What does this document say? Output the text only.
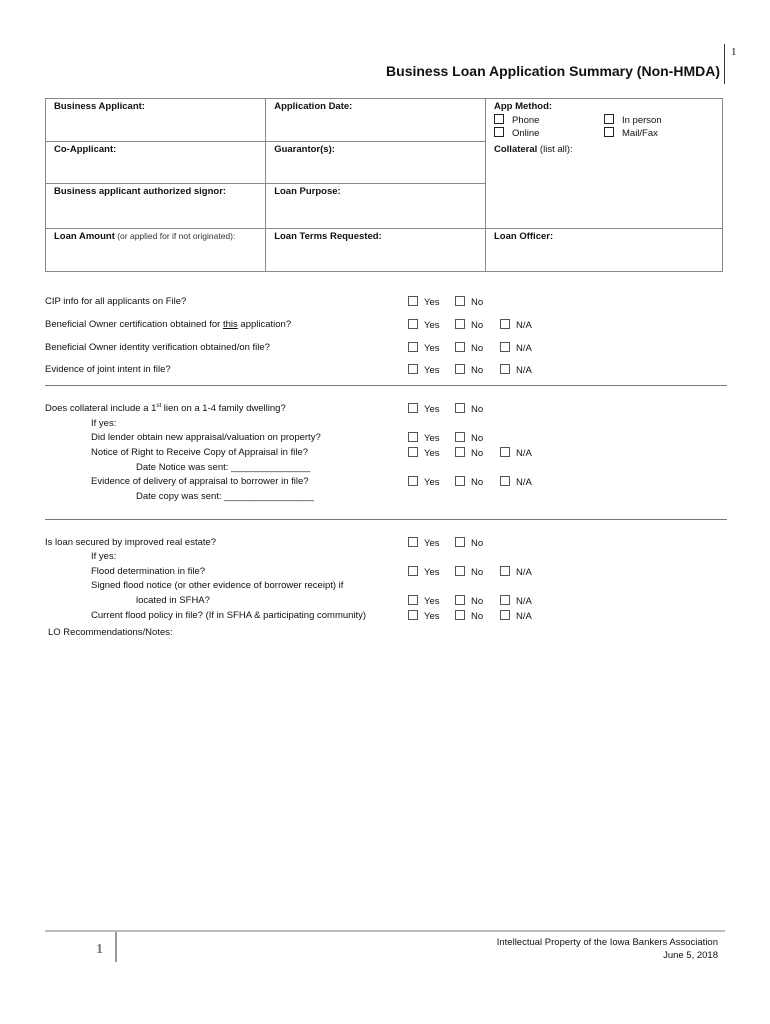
1
Business Loan Application Summary (Non-HMDA)
Business Applicant:	Application Date:	App Method:
Phone In person
Online Mail/Fax

Co-Applicant:	Guarantor(s):	Collateral (list all):
Business applicant authorized signor:	Loan Purpose:	
Loan Amount (or applied for if not originated):	Loan Terms Requested:	Loan Officer:
CIP info for all applicants on File?	Yes	No
Beneficial Owner certification obtained for this application?	Yes	No	N/A
Beneficial Owner identity verification obtained/on file?	Yes	No	N/A
Evidence of joint intent in file?	Yes	No	N/A
Does collateral include a 1st lien on a 1-4 family dwelling?	Yes	No
If yes:
Did lender obtain new appraisal/valuation on property?	Yes	No
Notice of Right to Receive Copy of Appraisal in file?	Yes	No	N/A
Date Notice was sent: _______________
Evidence of delivery of appraisal to borrower in file?	Yes	No	N/A
Date copy was sent: _________________
Is loan secured by improved real estate?	Yes	No
If yes:
Flood determination in file?	Yes	No	N/A
Signed flood notice (or other evidence of borrower receipt) if
located in SFHA?	Yes	No	N/A
Current flood policy in file? (If in SFHA & participating community)	Yes	No	N/A
LO Recommendations/Notes:
1	Intellectual Property of the Iowa Bankers Association
June 5, 2018
